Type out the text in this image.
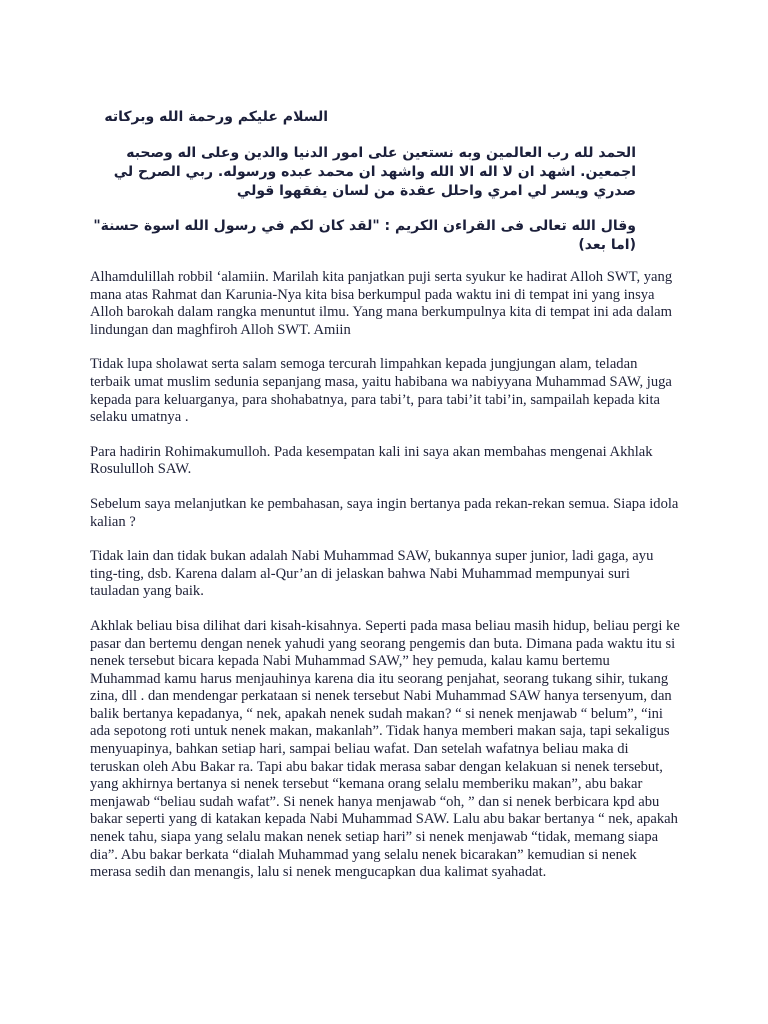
السلام عليكم ورحمة الله وبركاته

الحمد لله رب العالمين وبه نستعين على امور الدنيا والدين وعلى اله وصحبه اجمعين. اشهد ان لا اله الا الله واشهد ان محمد عبده ورسوله. ربي الصرح لي صدري ويسر لي امري واحلل عقدة من لسان يفقهوا قولي

وقال الله تعالى فى القراءن الكريم : "لقد كان لكم في رسول الله اسوة حسنة" (اما بعد)

Alhamdulillah robbil ‘alamiin. Marilah kita panjatkan puji serta syukur ke hadirat Alloh SWT, yang mana atas Rahmat dan Karunia-Nya kita bisa berkumpul pada waktu ini di tempat ini yang insya Alloh barokah dalam rangka menuntut ilmu. Yang mana berkumpulnya kita di tempat ini ada dalam lindungan dan maghfiroh Alloh SWT. Amiin

Tidak lupa sholawat serta salam semoga tercurah limpahkan kepada jungjungan alam, teladan terbaik umat muslim sedunia sepanjang masa, yaitu habibana wa nabiyyana Muhammad SAW, juga kepada para keluarganya, para shohabatnya, para tabi’t, para tabi’it tabi’in, sampailah kepada kita selaku umatnya .

Para hadirin Rohimakumulloh. Pada kesempatan kali ini saya akan membahas mengenai Akhlak Rosululloh SAW.

Sebelum saya melanjutkan ke pembahasan, saya ingin bertanya pada rekan-rekan semua. Siapa idola kalian ?

Tidak lain dan tidak bukan adalah Nabi Muhammad SAW, bukannya super junior, ladi gaga, ayu ting-ting, dsb. Karena dalam al-Qur’an di jelaskan bahwa Nabi Muhammad mempunyai suri tauladan yang baik.

Akhlak beliau bisa dilihat dari kisah-kisahnya. Seperti pada masa beliau masih hidup, beliau pergi ke pasar dan bertemu dengan nenek yahudi yang seorang pengemis dan buta. Dimana pada waktu itu si nenek tersebut bicara kepada Nabi Muhammad SAW,” hey pemuda, kalau kamu bertemu Muhammad kamu harus menjauhinya karena dia itu seorang penjahat, seorang tukang sihir, tukang zina, dll . dan mendengar perkataan si nenek tersebut Nabi Muhammad SAW hanya tersenyum, dan balik bertanya kepadanya, “ nek, apakah nenek sudah makan? “ si nenek menjawab “ belum”, “ini ada sepotong roti untuk nenek makan, makanlah”. Tidak hanya memberi makan saja, tapi sekaligus menyuapinya, bahkan setiap hari, sampai beliau wafat. Dan setelah wafatnya beliau maka di teruskan oleh Abu Bakar ra. Tapi abu bakar tidak merasa sabar dengan kelakuan si nenek tersebut, yang akhirnya bertanya si nenek tersebut “kemana orang selalu memberiku makan”, abu bakar menjawab “beliau sudah wafat”. Si nenek hanya menjawab “oh, ” dan si nenek berbicara kpd abu bakar seperti yang di katakan kepada Nabi Muhammad SAW. Lalu abu bakar bertanya “ nek, apakah nenek tahu, siapa yang selalu makan nenek setiap hari” si nenek menjawab “tidak, memang siapa dia”. Abu bakar berkata “dialah Muhammad yang selalu nenek bicarakan” kemudian si nenek merasa sedih dan menangis, lalu si nenek mengucapkan dua kalimat syahadat.
